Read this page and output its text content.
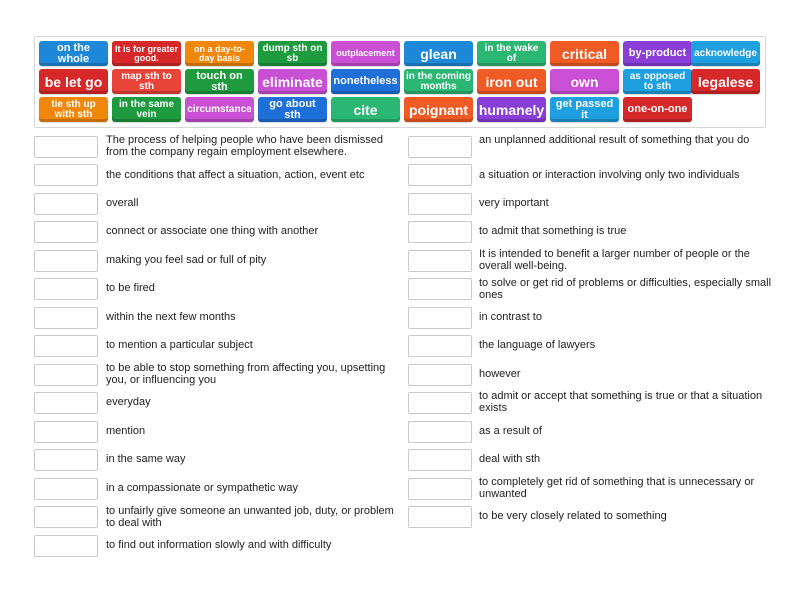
on the whole
It is for greater good.
on a day-to-day basis
dump sth on sb	outplacement	glean	in the wake of	critical	by-product acknowledge
be let go	map sth to sth
touch on sth	eliminate nonetheless in the coming months	iron out	own	as opposed to sth	legalese
tie sth up with sth
in the same vein	circumstance	go about sth	cite	poignant humanely	get passed it	one-on-one
The process of helping people who have been dismissed from the company regain employment elsewhere.
the conditions that affect a situation, action, event etc
overall
connect or associate one thing with another
making you feel sad or full of pity
to be fired
within the next few months
to mention a particular subject
to be able to stop something from affecting you, upsetting you, or influencing you
everyday
mention
in the same way
in a compassionate or sympathetic way
to unfairly give someone an unwanted job, duty, or problem to deal with
to find out information slowly and with difficulty
an unplanned additional result of something that you do
a situation or interaction involving only two individuals
very important
to admit that something is true
It is intended to benefit a larger number of people or the overall well-being.
to solve or get rid of problems or difficulties, especially small ones
in contrast to
the language of lawyers
however
to admit or accept that something is true or that a situation exists
as a result of
deal with sth
to completely get rid of something that is unnecessary or unwanted
to be very closely related to something
